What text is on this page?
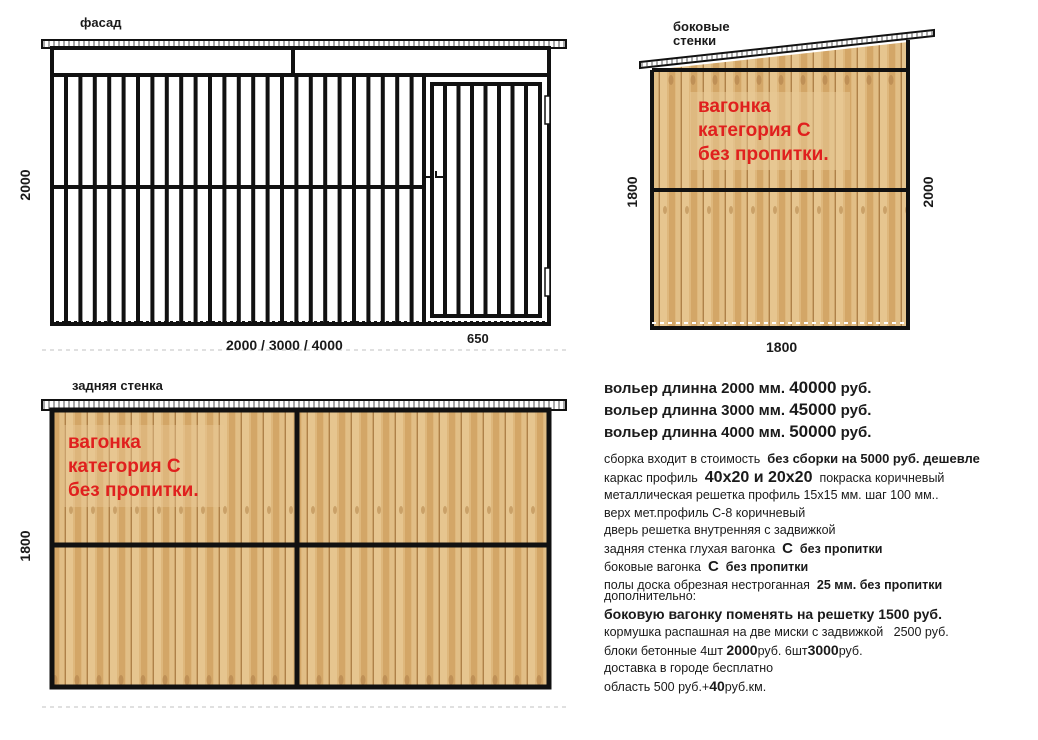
фасад
2000
2000 / 3000 / 4000	650
боковые
стенки
1800	2000
1800
вагонка
категория С
без пропитки.
задняя стенка
1800
вагонка
категория С
без пропитки.
вольер длинна 2000 мм. 40000 руб.
вольер длинна 3000 мм. 45000 руб.
вольер длинна 4000 мм. 50000 руб.
сборка входит в стоимость без сборки на 5000 руб. дешевле
каркас профиль 40х20 и 20х20 покраска коричневый
металлическая решетка профиль 15х15 мм. шаг 100 мм..
верх мет.профиль С-8 коричневый
дверь решетка внутренняя с задвижкой
задняя стенка глухая вагонка С без пропитки
боковые вагонка С без пропитки
полы доска обрезная нестроганная 25 мм. без пропитки
дополнительно:
боковую вагонку поменять на решетку 1500 руб.
кормушка распашная на две миски с задвижкой 2500 руб.
блоки бетонные 4шт 2000руб. 6шт3000руб.
доставка в городе бесплатно
область 500 руб.+40руб.км.
